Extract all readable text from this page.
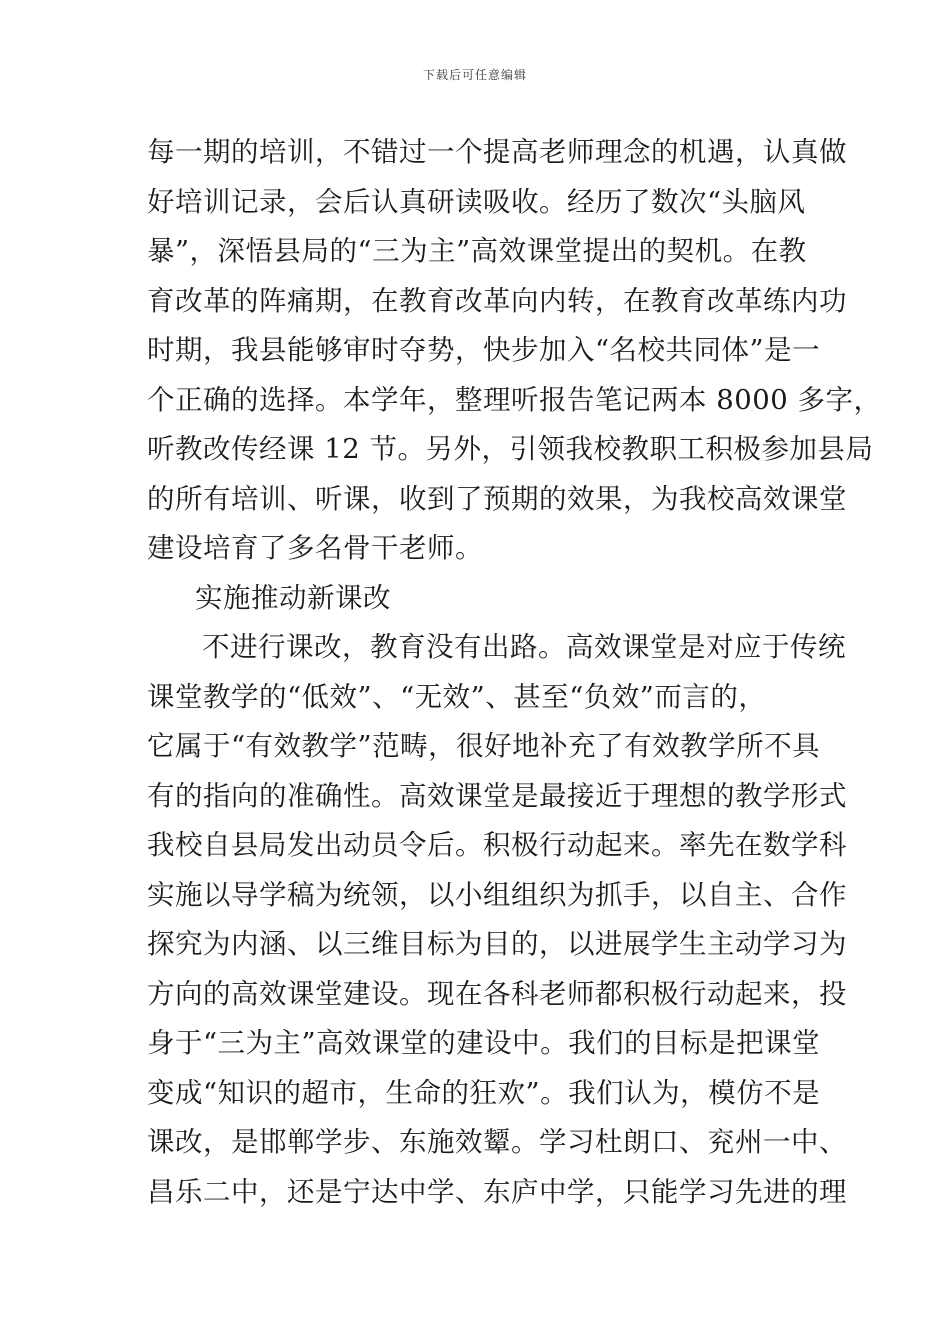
下载后可任意编辑
每一期的培训，不错过一个提高老师理念的机遇，认真做
好培训记录，会后认真研读吸收。经历了数次“头脑风
暴”，深悟县局的“三为主”高效课堂提出的契机。在教
育改革的阵痛期，在教育改革向内转，在教育改革练内功
时期，我县能够审时夺势，快步加入“名校共同体”是一
个正确的选择。本学年，整理听报告笔记两本 8000 多字，
听教改传经课 12 节。另外，引领我校教职工积极参加县局
的所有培训、听课，收到了预期的效果，为我校高效课堂
建设培育了多名骨干老师。
实施推动新课改
不进行课改，教育没有出路。高效课堂是对应于传统
课堂教学的“低效”、“无效”、甚至“负效”而言的，
它属于“有效教学”范畴，很好地补充了有效教学所不具
有的指向的准确性。高效课堂是最接近于理想的教学形式
我校自县局发出动员令后。积极行动起来。率先在数学科
实施以导学稿为统领，以小组组织为抓手，以自主、合作
探究为内涵、以三维目标为目的，以进展学生主动学习为
方向的高效课堂建设。现在各科老师都积极行动起来，投
身于“三为主”高效课堂的建设中。我们的目标是把课堂
变成“知识的超市，生命的狂欢”。我们认为，模仿不是
课改，是邯郸学步、东施效颦。学习杜朗口、兖州一中、
昌乐二中，还是宁达中学、东庐中学，只能学习先进的理
